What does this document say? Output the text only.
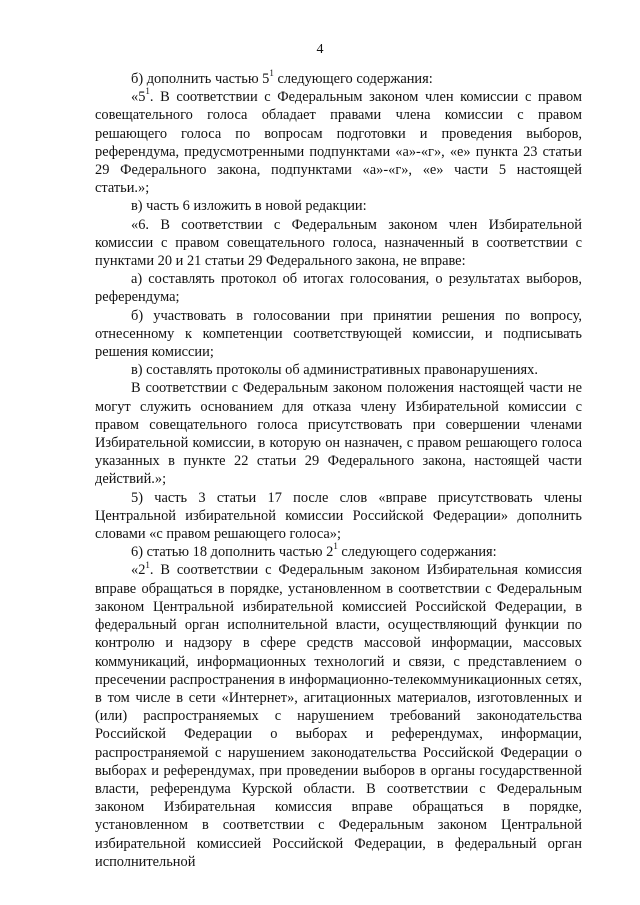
4

б) дополнить частью $5^1$ следующего содержания:

«$5^1$. В соответствии с Федеральным законом член комиссии с правом совещательного голоса обладает правами члена комиссии с правом решающего голоса по вопросам подготовки и проведения выборов, референдума, предусмотренными подпунктами «а»-«г», «е» пункта 23 статьи 29 Федерального закона, подпунктами «а»-«г», «е» части 5 настоящей статьи.»;

в) часть 6 изложить в новой редакции:

«6. В соответствии с Федеральным законом член Избирательной комиссии с правом совещательного голоса, назначенный в соответствии с пунктами 20 и 21 статьи 29 Федерального закона, не вправе:

а) составлять протокол об итогах голосования, о результатах выборов, референдума;

б) участвовать в голосовании при принятии решения по вопросу, отнесенному к компетенции соответствующей комиссии, и подписывать решения комиссии;

в) составлять протоколы об административных правонарушениях.

В соответствии с Федеральным законом положения настоящей части не могут служить основанием для отказа члену Избирательной комиссии с правом совещательного голоса присутствовать при совершении членами Избирательной комиссии, в которую он назначен, с правом решающего голоса указанных в пункте 22 статьи 29 Федерального закона, настоящей части действий.»;

5) часть 3 статьи 17 после слов «вправе присутствовать члены Центральной избирательной комиссии Российской Федерации» дополнить словами «с правом решающего голоса»;

6) статью 18 дополнить частью $2^1$ следующего содержания:

«$2^1$. В соответствии с Федеральным законом Избирательная комиссия вправе обращаться в порядке, установленном в соответствии с Федеральным законом Центральной избирательной комиссией Российской Федерации, в федеральный орган исполнительной власти, осуществляющий функции по контролю и надзору в сфере средств массовой информации, массовых коммуникаций, информационных технологий и связи, с представлением о пресечении распространения в информационно-телекоммуникационных сетях, в том числе в сети «Интернет», агитационных материалов, изготовленных и (или) распространяемых с нарушением требований законодательства Российской Федерации о выборах и референдумах, информации, распространяемой с нарушением законодательства Российской Федерации о выборах и референдумах, при проведении выборов в органы государственной власти, референдума Курской области. В соответствии с Федеральным законом Избирательная комиссия вправе обращаться в порядке, установленном в соответствии с Федеральным законом Центральной избирательной комиссией Российской Федерации, в федеральный орган исполнительной
